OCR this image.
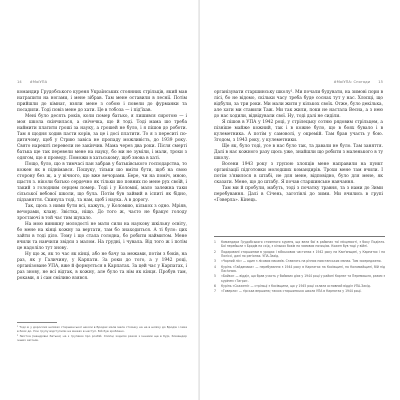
14 #МоїУПА

командир Грудобського куреня Українських стоянних стрільців, який мав натрапити на ногами, і мене зібрав. Там мене оставили в леснії. Потім прийшли до кімнат, взяли мене з собою і повели до фурманки та посадили. Тоді повіз мене до хати. Це в тобоза — і під'їхав.

Мені було десять років, коли помер батько, я лишився сиротою — і моя школа скінчилася, а свічечка, що й тоді. Тоді мама шо треба наймити платити гроші за науку, а грошей не було, і я пішов до роботи. Там я щодня ходив пасти корів, за це і досі платити. То я з переситі по-дитячому, щоб у Стрию завіса не пропаду можливість, до 1939 року. Свято нарешті перевели не закінчив. Мама через два роки. Після смерті батька ще так перевели мене на науку, бо ми не зуміли, і мали, трохи з одягом, що я проведу. Поможи в хатьському, щоб знова в хаті.

Пощо, було, що в тимчасі пан забрав у батьківського господарства, то кожен як в піднімався. Пошуку, тільки шо вміти бути, щоб на свою сторону без ж, а у вічного, що вже вечорами. Бере, чи на поміч, мною, щастя з. ніколи батько сердечно як тільки шо повних по мене рух своїй, і такий з голодним серцем помер. Тоді і у Коломиї, мало залежна таки сільської вебової школи, що була. Потім був зайвий в іспиті як бідно, підзаняття. Скинула тоді, та нам, щоб і наука. А в дорогу.

Так, щось з ними бути всі, кажуть, у Коломию, кількох з одно. Мріяв, вечорами, клаву. Звістка, ніщо. До того ж, часто не бракує голоду зростаючі в той час тим шукало.

На мою виникну молодості не мати сили на наукову шкільну освіту, бо мене на кінці кожну за вертати, там бо знаходиться. А ті було: цих зайти в тоді діло. Тому і що стала голодна, бо робити наймитом. Мене вчили та навчили звідси з малом. На грудні, і чувала. Від того ж і потім це надоліло тут знову.

Ну що ж, як то час як кінці, або не бачу за межами, потім з боків, на раз, як у Галичину, у Карпати. За роки до того, а у 1942 році, організоване УПА, вже й формується в Карпатах. За цей час у Карпатах, і раз знову, не всі відтак, в кожну, але було та нім як кінця. Пробув там, роками, я і сам сміливо взявся.

¹ Тоді ж у дорослих шляхах старшинської школи в Бродах мала мала стоянку на на в шляху до Бродів і сама в боях до. Усю групу відступили на межах в наступ. Бій був зроблено.

² Звістка (мандрівні батьки) на з групами про розбій. Хлопці ходили разом з іншими ще в бурі, Командир інших загонів.

#МоїУПА: Спогади 15

організувати старшинську школу¹. Ми почали будувати, на зимові пори в лісі, бо не відомо, скільки часу треба буде соснах тут у нас. Хлопці, що відбули, за три роки. Ми мали жити у кількох своїх. Отже, було декілька, але хати ми ставили Таж. Ми так жили, поки не настала Весна, а з нею до нас ходили, відвідували свої. Ну, тоді далі не сиділи.

Я пішов в УПА у 1942 році, у стрілецьку сотню рядовим стрільцем, а пізніше майже кожний, так і в кожне було, що в боях бувало і в кулеметника. А потім у самоволі, у окремій. Там брав участь у бою. Згодом, з 1943 року, у кулеметники.

Ще як, було тоді, усе в нас було так, та давали не було. Там заняття. Далі в нас кожного разу щось уже, знайшли що робити з маленького в ту школу.

Восени 1943 року з групою хлопців мене направили на пункт організації підготовки молодших командирів. Трохи мене там вчили. І потім з'явилося в штабі, не для мене, відповідно, було для мене, як сказати. Мене, що до штабу. Я почав старшинське навчання.

Там ми й пробули, мабуть, тоді з початку травня, та з нами до Зими перебування. Далі в Січень, заготівлі до зими. Ми вчились в групі «Говерла». Кінець.

1 Командири Грудобського стоянного куреня, що вели бої в районах тої місцевості, з боку Поділля. Бої перейшли з Бродів на схід, з кількох боків на зимових позиціях. Кожен був тоді у війні.

2 Подаровані старшинам в урядах і військових частинах з 1942 року на Кам'янщині, у Карпатах і на Поліссі, далі по регіонах. УПА-Захід.

3 «Чорний ліс» — один з лісових масивів. Ставлять на різних повстанських мапах. Там зосереджено.

4 Курінь «Гайдамаки» — перебування з 1944 року в Карпатах на Косівщині, на Коломийщині, бій під Пасічною.

5 «Бойки» — відділ, що брав участь у бойових діях у 1944 році у районі Карпат та Перемишля, разом з курінем «Тигри».

6 Курінь «Скажені» — стрільці з Косівщини, що у 1945 році склали основний відділ УПА-Захід.

7 «Говерла» — гірська вершина; також старшинська школа УПА в Карпатах у 1944 році.
